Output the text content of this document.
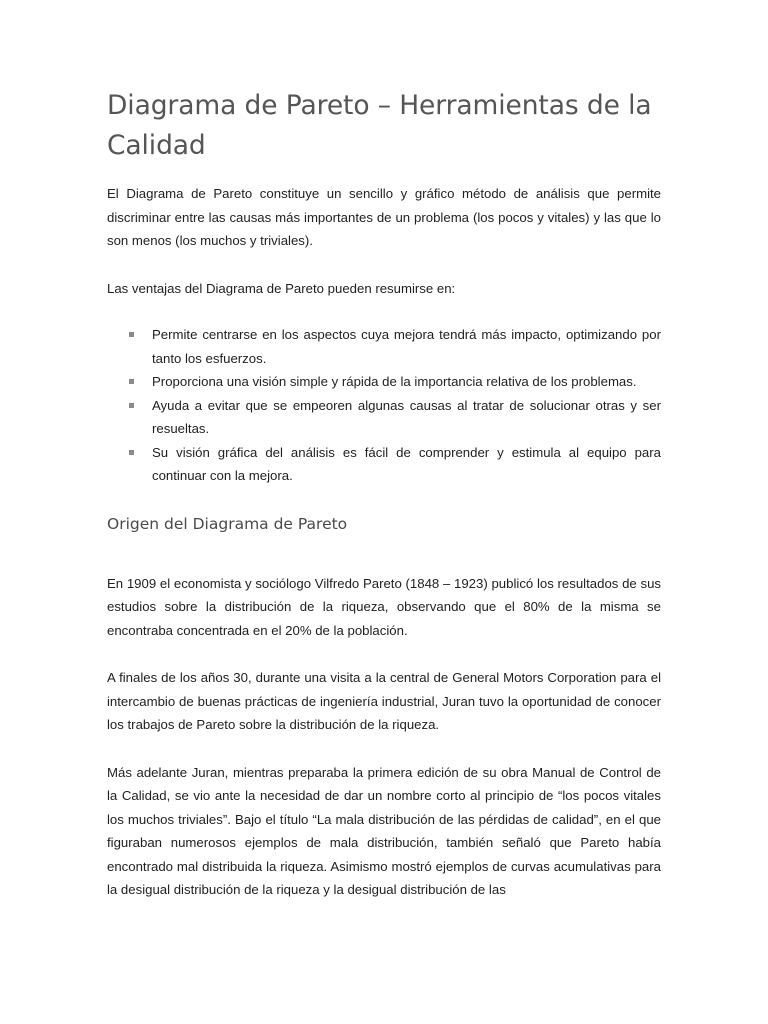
Diagrama de Pareto – Herramientas de la Calidad

El Diagrama de Pareto constituye un sencillo y gráfico método de análisis que permite discriminar entre las causas más importantes de un problema (los pocos y vitales) y las que lo son menos (los muchos y triviales).

Las ventajas del Diagrama de Pareto pueden resumirse en:

Permite centrarse en los aspectos cuya mejora tendrá más impacto, optimizando por tanto los esfuerzos.
Proporciona una visión simple y rápida de la importancia relativa de los problemas.
Ayuda a evitar que se empeoren algunas causas al tratar de solucionar otras y ser resueltas.
Su visión gráfica del análisis es fácil de comprender y estimula al equipo para continuar con la mejora.
Origen del Diagrama de Pareto

En 1909 el economista y sociólogo Vilfredo Pareto (1848 – 1923) publicó los resultados de sus estudios sobre la distribución de la riqueza, observando que el 80% de la misma se encontraba concentrada en el 20% de la población.

A finales de los años 30, durante una visita a la central de General Motors Corporation para el intercambio de buenas prácticas de ingeniería industrial, Juran tuvo la oportunidad de conocer los trabajos de Pareto sobre la distribución de la riqueza.

Más adelante Juran, mientras preparaba la primera edición de su obra Manual de Control de la Calidad, se vio ante la necesidad de dar un nombre corto al principio de “los pocos vitales los muchos triviales”. Bajo el título “La mala distribución de las pérdidas de calidad”, en el que figuraban numerosos ejemplos de mala distribución, también señaló que Pareto había encontrado mal distribuida la riqueza. Asimismo mostró ejemplos de curvas acumulativas para la desigual distribución de la riqueza y la desigual distribución de las
